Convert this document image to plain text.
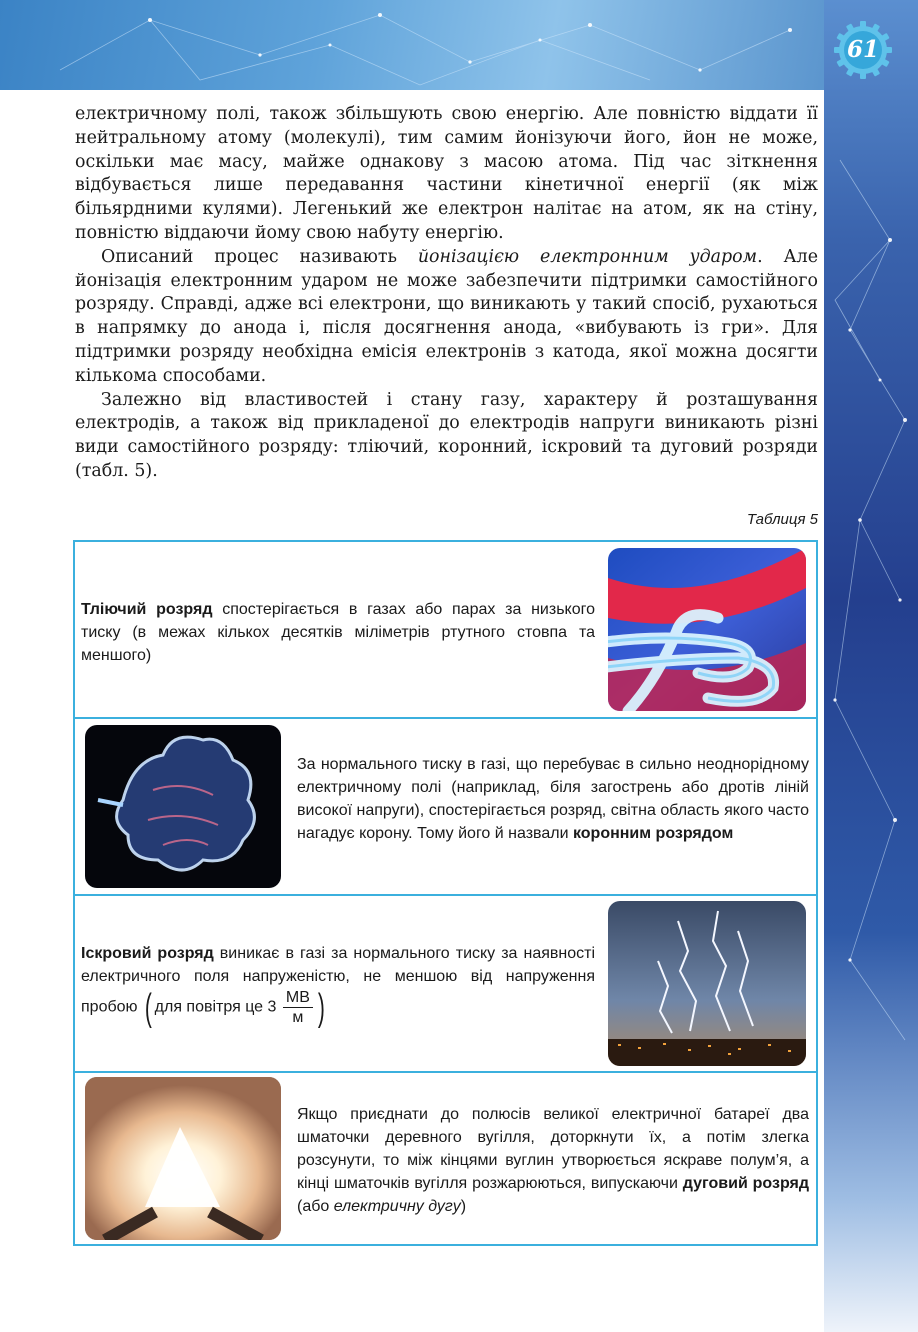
61

електричному полі, також збільшують свою енергію. Але повністю віддати її нейтральному атому (молекулі), тим самим йонізуючи його, йон не може, оскільки має масу, майже однакову з масою атома. Під час зіткнення відбувається лише передавання частини кінетичної енергії (як між більярдними кулями). Легенький же електрон налітає на атом, як на стіну, повністю віддаючи йому свою набуту енергію.

Описаний процес називають йонізацією електронним ударом. Але йонізація електронним ударом не може забезпечити підтримки самостійного розряду. Справді, адже всі електрони, що виникають у такий спосіб, рухаються в напрямку до анода і, після досягнення анода, «вибувають із гри». Для підтримки розряду необхідна емісія електронів з катода, якої можна досягти кількома способами.

Залежно від властивостей і стану газу, характеру й розташування електродів, а також від прикладеної до електродів напруги виникають різні види самостійного розряду: тліючий, коронний, іскровий та дуговий розряди (табл. 5).

Таблиця 5
Тліючий розряд спостерігається в газах або парах за низького тиску (в межах кількох десятків міліметрів ртутного стовпа та меншого)
За нормального тиску в газі, що перебуває в сильно неоднорідному електричному полі (наприклад, біля загострень або дротів ліній високої напруги), спостерігається розряд, світна область якого часто нагадує корону. Тому його й назвали коронним розрядом
Іскровий розряд виникає в газі за нормального тиску за наявності електричного поля напруженістю, не меншою від напруження пробою ( для повітря це $3 \frac{МВ}{м}$ )
Якщо приєднати до полюсів великої електричної батареї два шматочки деревного вугілля, доторкнути їх, а потім злегка розсунути, то між кінцями вуглин утворюється яскраве полум’я, а кінці шматочків вугілля розжарюються, випускаючи дуговий розряд (або електричну дугу)
